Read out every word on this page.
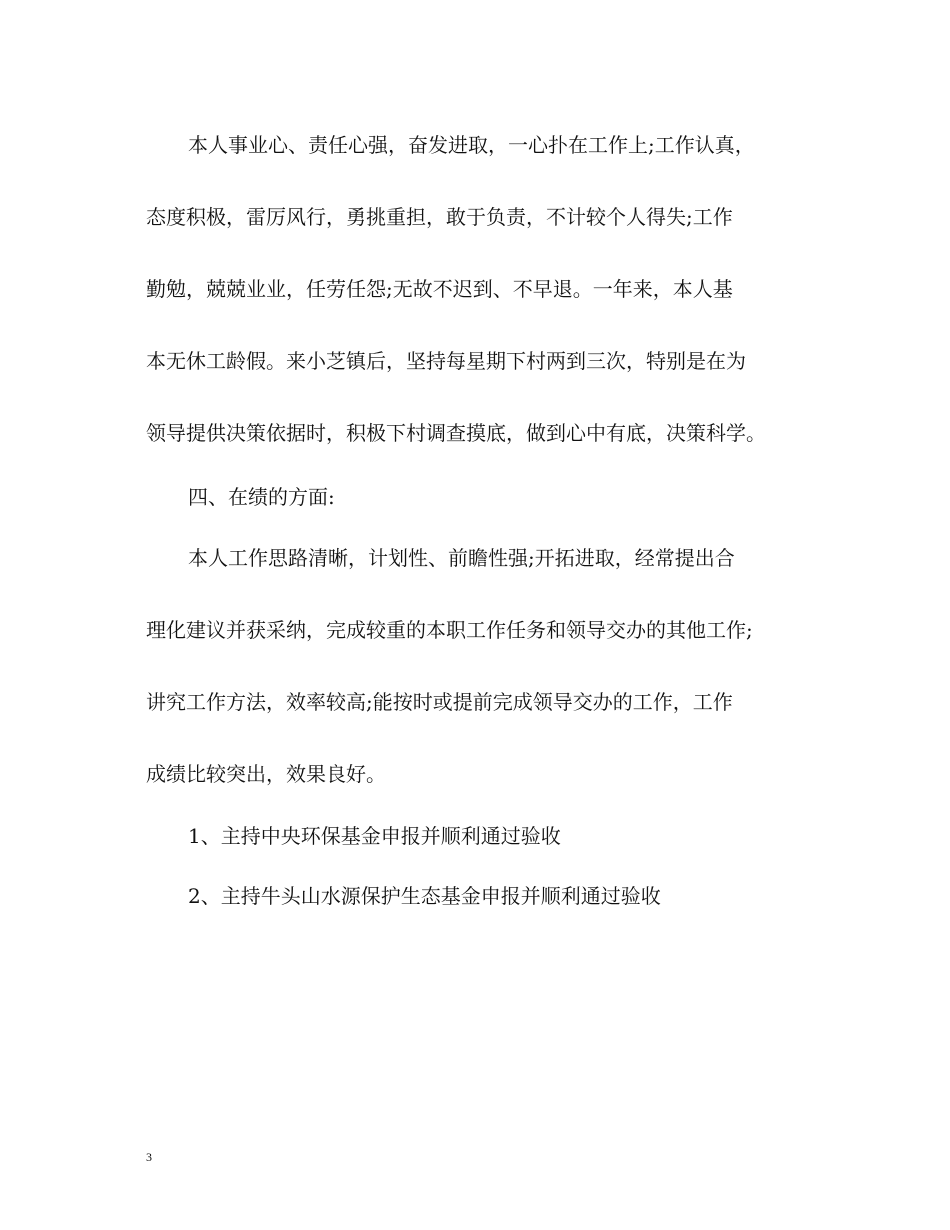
本人事业心、责任心强，奋发进取，一心扑在工作上;工作认真，
态度积极，雷厉风行，勇挑重担，敢于负责，不计较个人得失;工作
勤勉，兢兢业业，任劳任怨;无故不迟到、不早退。一年来，本人基
本无休工龄假。来小芝镇后，坚持每星期下村两到三次，特别是在为
领导提供决策依据时，积极下村调查摸底，做到心中有底，决策科学。
四、在绩的方面:
本人工作思路清晰，计划性、前瞻性强;开拓进取，经常提出合
理化建议并获采纳，完成较重的本职工作任务和领导交办的其他工作;
讲究工作方法，效率较高;能按时或提前完成领导交办的工作，工作
成绩比较突出，效果良好。
1、主持中央环保基金申报并顺利通过验收
2、主持牛头山水源保护生态基金申报并顺利通过验收
3
